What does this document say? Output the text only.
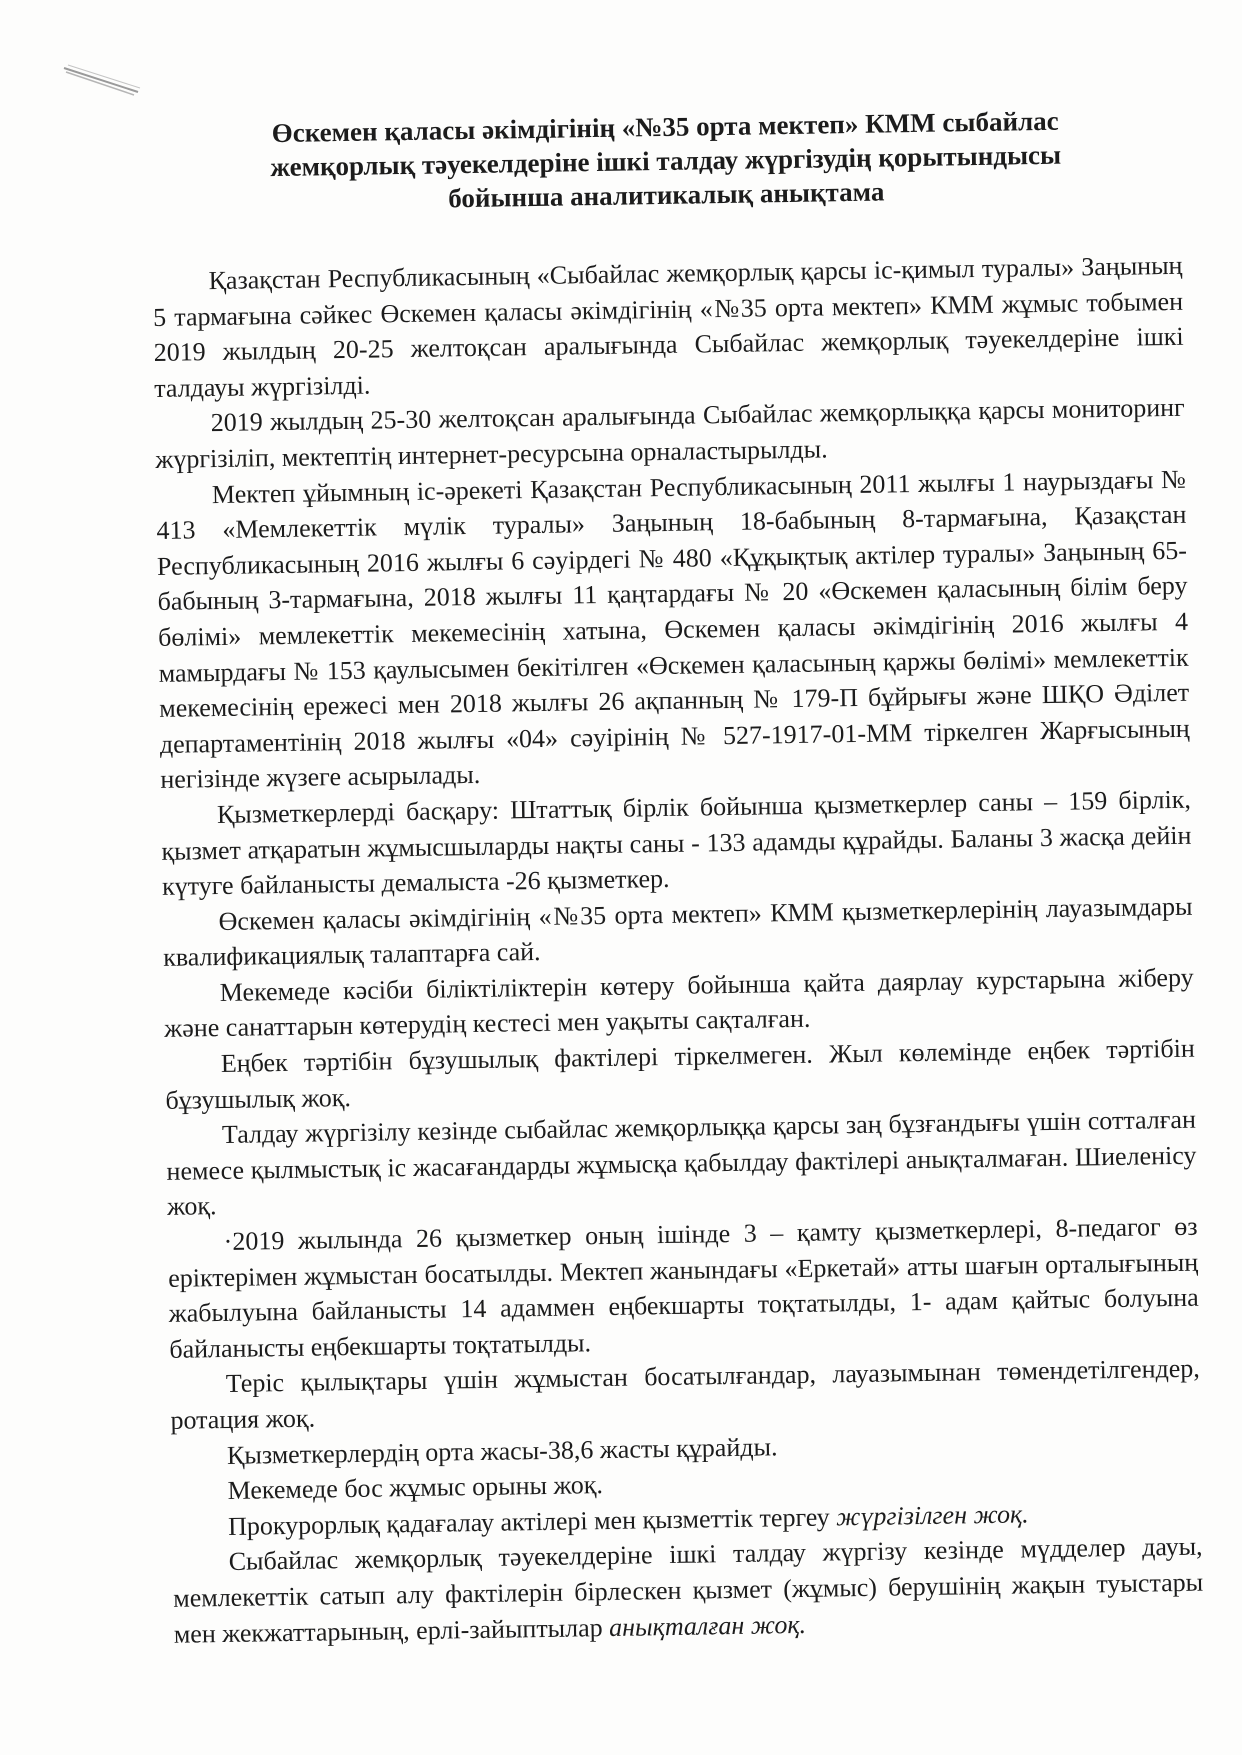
Өскемен қаласы әкімдігінің «№35 орта мектеп» КММ сыбайлас
жемқорлық тәуекелдеріне ішкі талдау жүргізудің қорытындысы
бойынша аналитикалық анықтама

Қазақстан Республикасының «Сыбайлас жемқорлық қарсы іс-қимыл туралы» Заңының 5 тармағына сәйкес Өскемен қаласы әкімдігінің «№35 орта мектеп» КММ жұмыс тобымен 2019 жылдың 20-25 желтоқсан аралығында Сыбайлас жемқорлық тәуекелдеріне ішкі талдауы жүргізілді.

2019 жылдың 25-30 желтоқсан аралығында Сыбайлас жемқорлыққа қарсы мониторинг жүргізіліп, мектептің интернет-ресурсына орналастырылды.

Мектеп ұйымның іс-әрекеті Қазақстан Республикасының 2011 жылғы 1 наурыздағы № 413 «Мемлекеттік мүлік туралы» Заңының 18-бабының 8-тармағына, Қазақстан Республикасының 2016 жылғы 6 сәуірдегі № 480 «Құқықтық актілер туралы» Заңының 65-бабының 3-тармағына, 2018 жылғы 11 қаңтардағы № 20 «Өскемен қаласының білім беру бөлімі» мемлекеттік мекемесінің хатына, Өскемен қаласы әкімдігінің 2016 жылғы 4 мамырдағы № 153 қаулысымен бекітілген «Өскемен қаласының қаржы бөлімі» мемлекеттік мекемесінің ережесі мен 2018 жылғы 26 ақпанның № 179-П бұйрығы және ШҚО Әділет департаментінің 2018 жылғы «04» сәуірінің № 527-1917-01-ММ тіркелген Жарғысының негізінде жүзеге асырылады.

Қызметкерлерді басқару: Штаттық бірлік бойынша қызметкерлер саны – 159 бірлік, қызмет атқаратын жұмысшыларды нақты саны - 133 адамды құрайды. Баланы 3 жасқа дейін күтуге байланысты демалыста -26 қызметкер.

Өскемен қаласы әкімдігінің «№35 орта мектеп» КММ қызметкерлерінің лауазымдары квалификациялық талаптарға сай.

Мекемеде кәсіби біліктіліктерін көтеру бойынша қайта даярлау курстарына жіберу және санаттарын көтерудің кестесі мен уақыты сақталған.

Еңбек тәртібін бұзушылық фактілері тіркелмеген. Жыл көлемінде еңбек тәртібін бұзушылық жоқ.

Талдау жүргізілу кезінде сыбайлас жемқорлыққа қарсы заң бұзғандығы үшін сотталған немесе қылмыстық іс жасағандарды жұмысқа қабылдау фактілері анықталмаған. Шиеленісу жоқ.

·2019 жылында 26 қызметкер оның ішінде 3 – қамту қызметкерлері, 8-педагог өз еріктерімен жұмыстан босатылды. Мектеп жанындағы «Еркетай» атты шағын орталығының жабылуына байланысты 14 адаммен еңбекшарты тоқтатылды, 1- адам қайтыс болуына байланысты еңбекшарты тоқтатылды.

Теріс қылықтары үшін жұмыстан босатылғандар, лауазымынан төмендетілгендер, ротация жоқ.

Қызметкерлердің орта жасы-38,6 жасты құрайды.

Мекемеде бос жұмыс орыны жоқ.

Прокурорлық қадағалау актілері мен қызметтік тергеу жүргізілген жоқ.

Сыбайлас жемқорлық тәуекелдеріне ішкі талдау жүргізу кезінде мүдделер дауы, мемлекеттік сатып алу фактілерін бірлескен қызмет (жұмыс) берушінің жақын туыстары мен жекжаттарының, ерлі-зайыптылар анықталған жоқ.
